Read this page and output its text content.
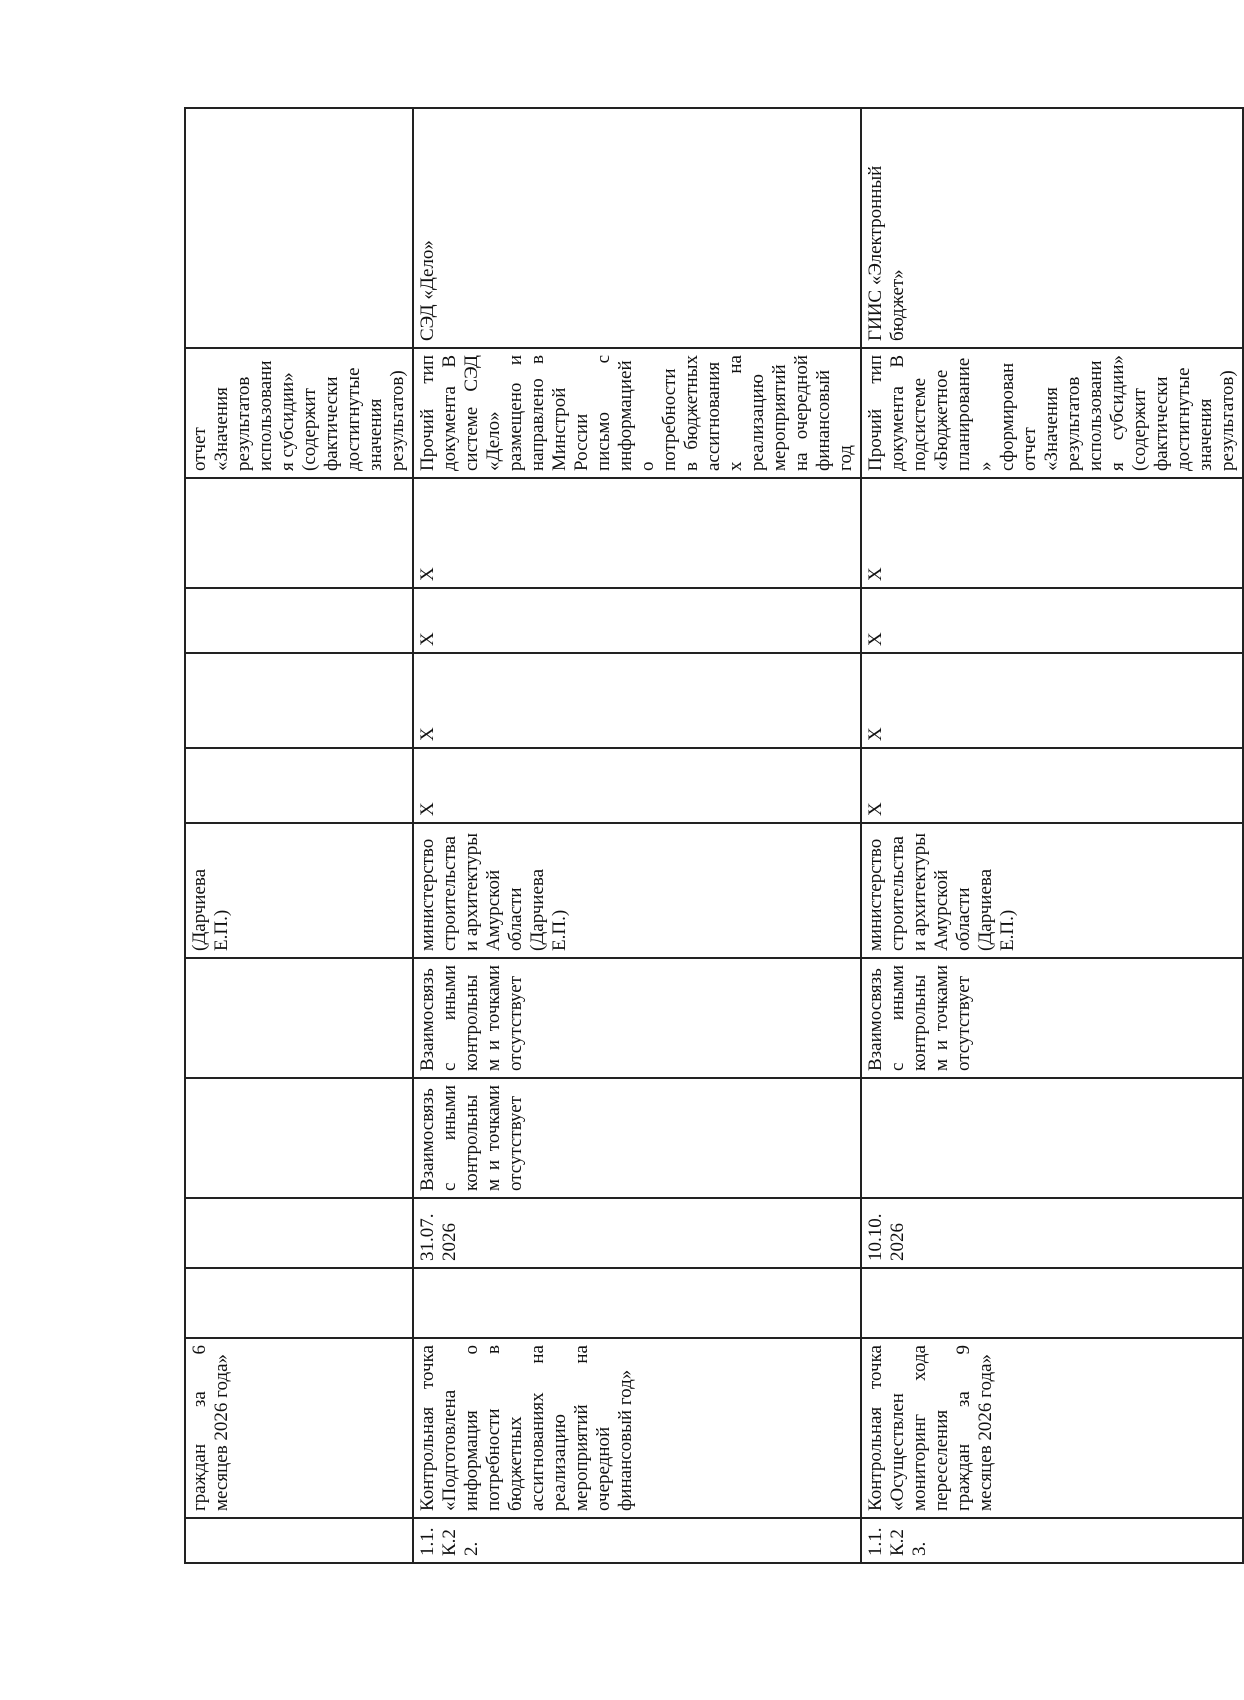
	граждан за 6 месяцев 2026 года»					(Дарчиева Е.П.)					отчет «Значения результатов использования субсидии» (содержит фактически достигнутые значения результатов)	
1.1.К.22.	Контрольная точка «Подготовлена информация о потребности в бюджетных ассигнованиях на реализацию мероприятий на очередной финансовый год»		31.07.2026	Взаимосвязь с иными контрольным и точками отсутствует	Взаимосвязь с иными контрольным и точками отсутствует	министерство строительства и архитектуры Амурской области (Дарчиева Е.П.)	X	X	X	X	Прочий тип документа В системе СЭД «Дело» размещено и направлено в Минстрой России письмо с информацией о потребности в бюджетных ассигнованиях на реализацию мероприятий на очередной финансовый год	СЭД «Дело»
1.1.К.23.	Контрольная точка «Осуществлен мониторинг хода переселения граждан за 9 месяцев 2026 года»		10.10.2026		Взаимосвязь с иными контрольным и точками отсутствует	министерство строительства и архитектуры Амурской области (Дарчиева Е.П.)	X	X	X	X	Прочий тип документа В подсистеме «Бюджетное планирование» сформирован отчет «Значения результатов использования субсидии» (содержит фактически достигнутые значения результатов)	ГИИС «Электронный бюджет»
